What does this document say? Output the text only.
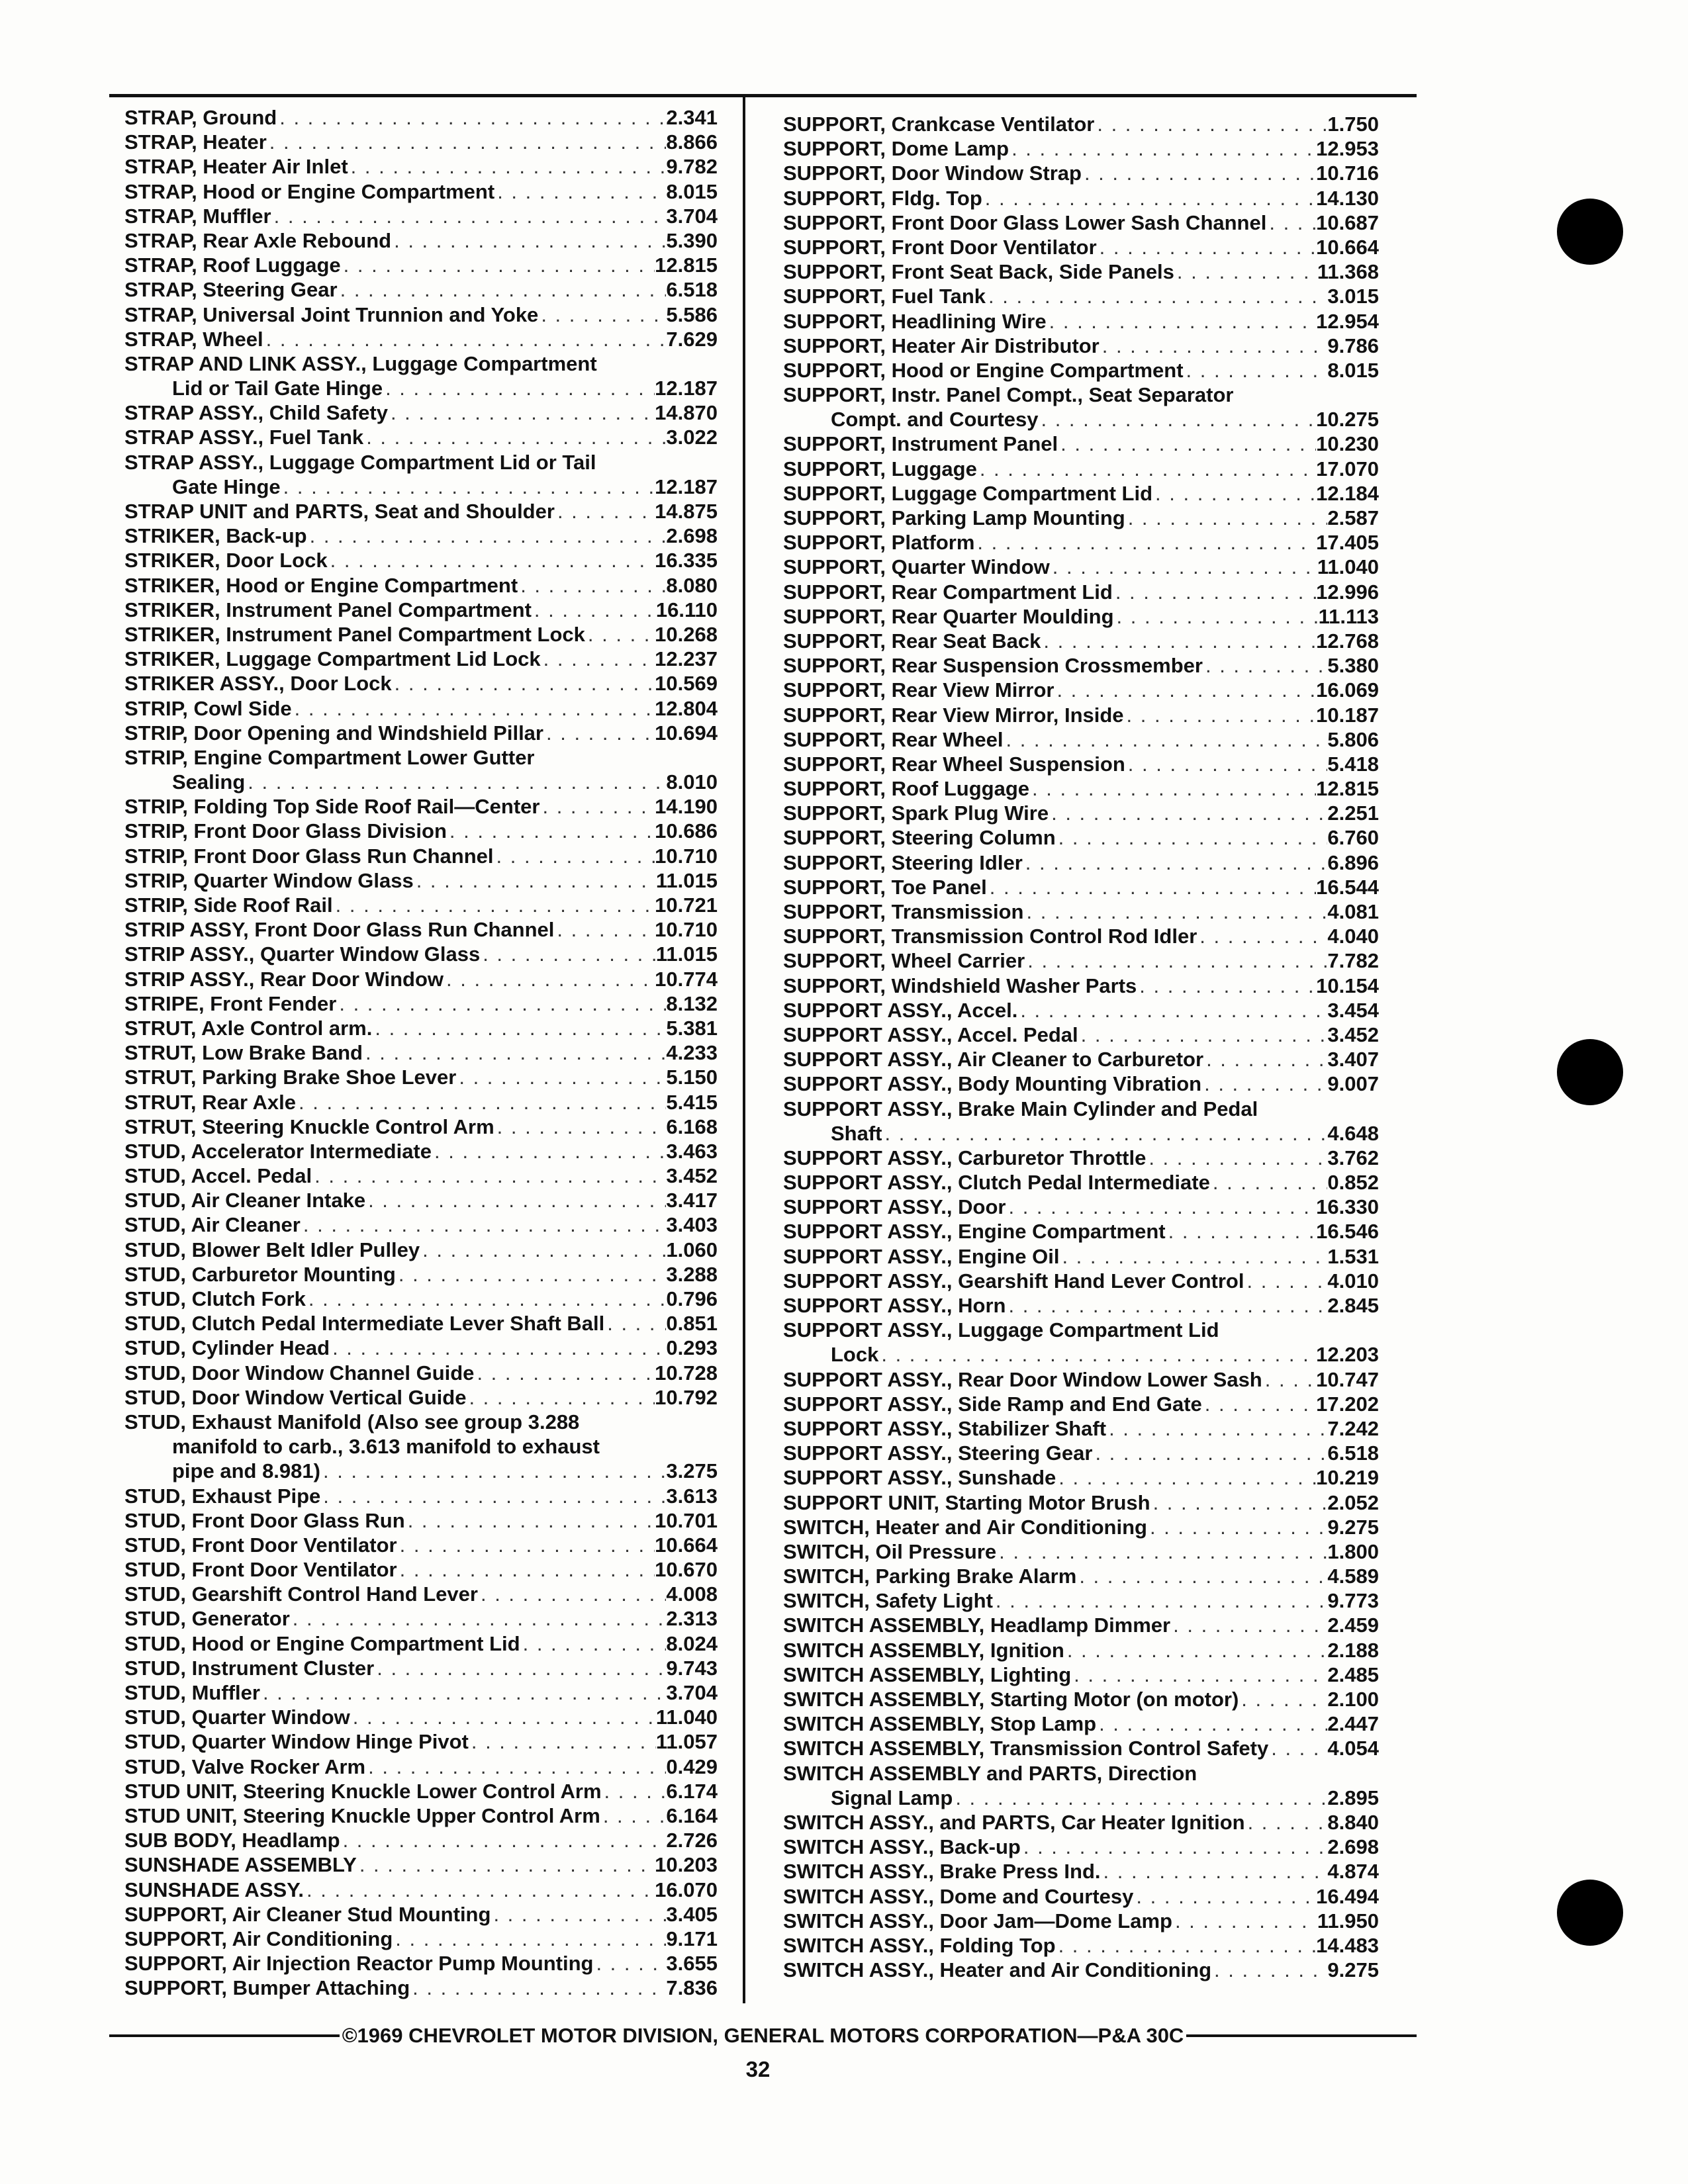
STRAP, Ground . . .	2.341
STRAP, Heater . . .	8.866
STRAP, Heater Air Inlet . . .	9.782
STRAP, Hood or Engine Compartment . . .	8.015
STRAP, Muffler . . .	3.704
STRAP, Rear Axle Rebound . . .	5.390
STRAP, Roof Luggage . . .	12.815
STRAP, Steering Gear . . .	6.518
STRAP, Universal Joint Trunnion and Yoke . . .	5.586
STRAP, Wheel . . .	7.629
STRAP AND LINK ASSY., Luggage Compartment
Lid or Tail Gate Hinge . . .	12.187
STRAP ASSY., Child Safety . . .	14.870
STRAP ASSY., Fuel Tank . . .	3.022
STRAP ASSY., Luggage Compartment Lid or Tail
Gate Hinge . . .	12.187
STRAP UNIT and PARTS, Seat and Shoulder . . .	14.875
STRIKER, Back-up . . .	2.698
STRIKER, Door Lock . . .	16.335
STRIKER, Hood or Engine Compartment . . .	8.080
STRIKER, Instrument Panel Compartment . . .	16.110
STRIKER, Instrument Panel Compartment Lock . . .	10.268
STRIKER, Luggage Compartment Lid Lock . . .	12.237
STRIKER ASSY., Door Lock . . .	10.569
STRIP, Cowl Side . . .	12.804
STRIP, Door Opening and Windshield Pillar . . .	10.694
STRIP, Engine Compartment Lower Gutter
Sealing . . .	8.010
STRIP, Folding Top Side Roof Rail—Center . . .	14.190
STRIP, Front Door Glass Division . . .	10.686
STRIP, Front Door Glass Run Channel . . .	10.710
STRIP, Quarter Window Glass . . .	11.015
STRIP, Side Roof Rail . . .	10.721
STRIP ASSY, Front Door Glass Run Channel . . .	10.710
STRIP ASSY., Quarter Window Glass . . .	11.015
STRIP ASSY., Rear Door Window . . .	10.774
STRIPE, Front Fender . . .	8.132
STRUT, Axle Control arm. . . .	5.381
STRUT, Low Brake Band . . .	4.233
STRUT, Parking Brake Shoe Lever . . .	5.150
STRUT, Rear Axle . . .	5.415
STRUT, Steering Knuckle Control Arm . . .	6.168
STUD, Accelerator Intermediate . . .	3.463
STUD, Accel. Pedal . . .	3.452
STUD, Air Cleaner Intake . . .	3.417
STUD, Air Cleaner . . .	3.403
STUD, Blower Belt Idler Pulley . . .	1.060
STUD, Carburetor Mounting . . .	3.288
STUD, Clutch Fork . . .	0.796
STUD, Clutch Pedal Intermediate Lever Shaft Ball . . .	0.851
STUD, Cylinder Head . . .	0.293
STUD, Door Window Channel Guide . . .	10.728
STUD, Door Window Vertical Guide . . .	10.792
STUD, Exhaust Manifold (Also see group 3.288
manifold to carb., 3.613 manifold to exhaust
pipe and 8.981) . . .	3.275
STUD, Exhaust Pipe . . .	3.613
STUD, Front Door Glass Run . . .	10.701
STUD, Front Door Ventilator . . .	10.664
STUD, Front Door Ventilator . . .	10.670
STUD, Gearshift Control Hand Lever . . .	4.008
STUD, Generator . . .	2.313
STUD, Hood or Engine Compartment Lid . . .	8.024
STUD, Instrument Cluster . . .	9.743
STUD, Muffler . . .	3.704
STUD, Quarter Window . . .	11.040
STUD, Quarter Window Hinge Pivot . . .	11.057
STUD, Valve Rocker Arm . . .	0.429
STUD UNIT, Steering Knuckle Lower Control Arm . . .	6.174
STUD UNIT, Steering Knuckle Upper Control Arm . . .	6.164
SUB BODY, Headlamp . . .	2.726
SUNSHADE ASSEMBLY . . .	10.203
SUNSHADE ASSY. . . .	16.070
SUPPORT, Air Cleaner Stud Mounting . . .	3.405
SUPPORT, Air Conditioning . . .	9.171
SUPPORT, Air Injection Reactor Pump Mounting . . .	3.655
SUPPORT, Bumper Attaching . . .	7.836
SUPPORT, Crankcase Ventilator . . .	1.750
SUPPORT, Dome Lamp . . .	12.953
SUPPORT, Door Window Strap . . .	10.716
SUPPORT, Fldg. Top . . .	14.130
SUPPORT, Front Door Glass Lower Sash Channel . . . 10.687
SUPPORT, Front Door Ventilator . . .	10.664
SUPPORT, Front Seat Back, Side Panels . . .	11.368
SUPPORT, Fuel Tank . . .	3.015
SUPPORT, Headlining Wire . . .	12.954
SUPPORT, Heater Air Distributor . . .	9.786
SUPPORT, Hood or Engine Compartment . . .	8.015
SUPPORT, Instr. Panel Compt., Seat Separator
Compt. and Courtesy . . .	10.275
SUPPORT, Instrument Panel . . .	10.230
SUPPORT, Luggage . . .	17.070
SUPPORT, Luggage Compartment Lid . . .	12.184
SUPPORT, Parking Lamp Mounting . . .	2.587
SUPPORT, Platform . . .	17.405
SUPPORT, Quarter Window . . .	11.040
SUPPORT, Rear Compartment Lid . . .	12.996
SUPPORT, Rear Quarter Moulding . . .	11.113
SUPPORT, Rear Seat Back . . .	12.768
SUPPORT, Rear Suspension Crossmember . . .	5.380
SUPPORT, Rear View Mirror . . .	16.069
SUPPORT, Rear View Mirror, Inside . . .	10.187
SUPPORT, Rear Wheel . . .	5.806
SUPPORT, Rear Wheel Suspension . . .	5.418
SUPPORT, Roof Luggage . . .	12.815
SUPPORT, Spark Plug Wire . . .	2.251
SUPPORT, Steering Column . . .	6.760
SUPPORT, Steering Idler . . .	6.896
SUPPORT, Toe Panel . . .	16.544
SUPPORT, Transmission . . .	4.081
SUPPORT, Transmission Control Rod Idler . . .	4.040
SUPPORT, Wheel Carrier . . .	7.782
SUPPORT, Windshield Washer Parts . . .	10.154
SUPPORT ASSY., Accel. . . .	3.454
SUPPORT ASSY., Accel. Pedal . . .	3.452
SUPPORT ASSY., Air Cleaner to Carburetor . . .	3.407
SUPPORT ASSY., Body Mounting Vibration . . .	9.007
SUPPORT ASSY., Brake Main Cylinder and Pedal
Shaft . . .	4.648
SUPPORT ASSY., Carburetor Throttle . . .	3.762
SUPPORT ASSY., Clutch Pedal Intermediate . . .	0.852
SUPPORT ASSY., Door . . .	16.330
SUPPORT ASSY., Engine Compartment . . .	16.546
SUPPORT ASSY., Engine Oil . . .	1.531
SUPPORT ASSY., Gearshift Hand Lever Control . . .	4.010
SUPPORT ASSY., Horn . . .	2.845
SUPPORT ASSY., Luggage Compartment Lid
Lock . . .	12.203
SUPPORT ASSY., Rear Door Window Lower Sash . . .	10.747
SUPPORT ASSY., Side Ramp and End Gate . . .	17.202
SUPPORT ASSY., Stabilizer Shaft . . .	7.242
SUPPORT ASSY., Steering Gear . . .	6.518
SUPPORT ASSY., Sunshade . . .	10.219
SUPPORT UNIT, Starting Motor Brush . . .	2.052
SWITCH, Heater and Air Conditioning . . .	9.275
SWITCH, Oil Pressure . . .	1.800
SWITCH, Parking Brake Alarm . . .	4.589
SWITCH, Safety Light . . .	9.773
SWITCH ASSEMBLY, Headlamp Dimmer . . .	2.459
SWITCH ASSEMBLY, Ignition . . .	2.188
SWITCH ASSEMBLY, Lighting . . .	2.485
SWITCH ASSEMBLY, Starting Motor (on motor) . . .	2.100
SWITCH ASSEMBLY, Stop Lamp . . .	2.447
SWITCH ASSEMBLY, Transmission Control Safety . . .	4.054
SWITCH ASSEMBLY and PARTS, Direction
Signal Lamp . . .	2.895
SWITCH ASSY., and PARTS, Car Heater Ignition . . .	8.840
SWITCH ASSY., Back-up . . .	2.698
SWITCH ASSY., Brake Press Ind. . . .	4.874
SWITCH ASSY., Dome and Courtesy . . .	16.494
SWITCH ASSY., Door Jam—Dome Lamp . . .	11.950
SWITCH ASSY., Folding Top . . .	14.483
SWITCH ASSY., Heater and Air Conditioning . . .	9.275
©1969 CHEVROLET MOTOR DIVISION, GENERAL MOTORS CORPORATION—P&A 30C
32
